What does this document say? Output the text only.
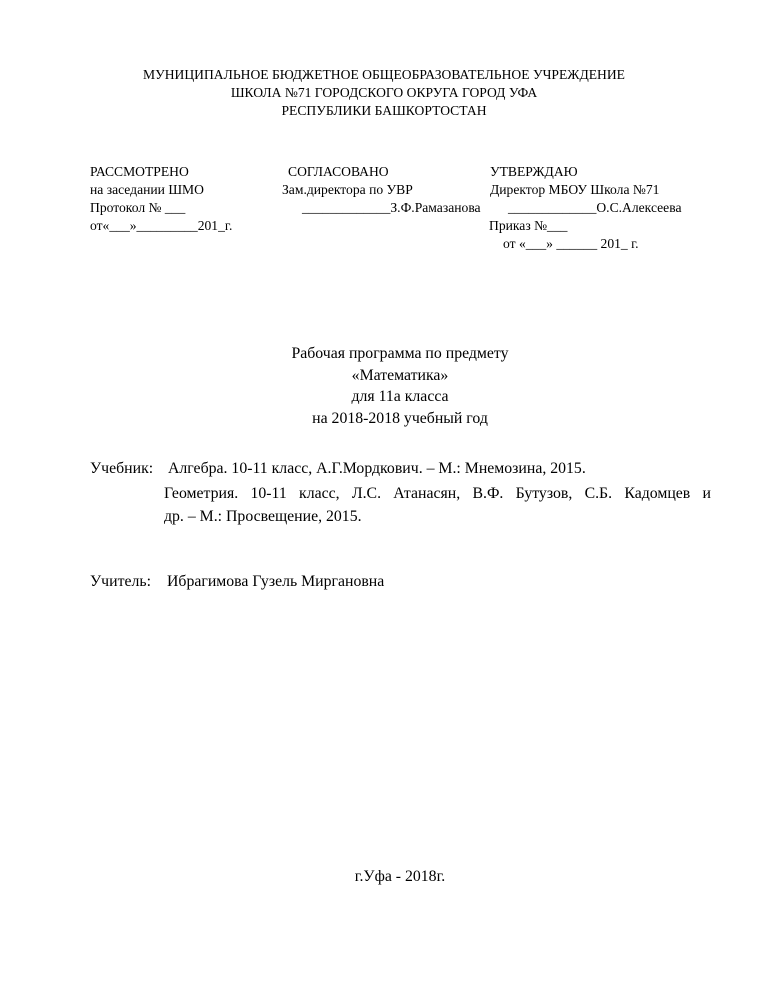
МУНИЦИПАЛЬНОЕ БЮДЖЕТНОЕ ОБЩЕОБРАЗОВАТЕЛЬНОЕ УЧРЕЖДЕНИЕ
ШКОЛА №71 ГОРОДСКОГО ОКРУГА ГОРОД УФА
РЕСПУБЛИКИ БАШКОРТОСТАН
РАССМОТРЕНО
на заседании ШМО
Протокол № ___
от«___»_________201_г.
СОГЛАСОВАНО
Зам.директора по УВР
_____________З.Ф.Рамазанова
УТВЕРЖДАЮ
Директор МБОУ Школа №71
_____________О.С.Алексеева
Приказ №___
от «___» ______ 201_ г.
Рабочая программа по предмету
«Математика»
для 11а класса
на 2018-2018 учебный год
Учебник: Алгебра. 10-11 класс, А.Г.Мордкович. – М.: Мнемозина, 2015.
Геометрия. 10-11 класс, Л.С. Атанасян, В.Ф. Бутузов, С.Б. Кадомцев и
др. – М.: Просвещение, 2015.
Учитель: Ибрагимова Гузель Миргановна
г.Уфа - 2018г.
